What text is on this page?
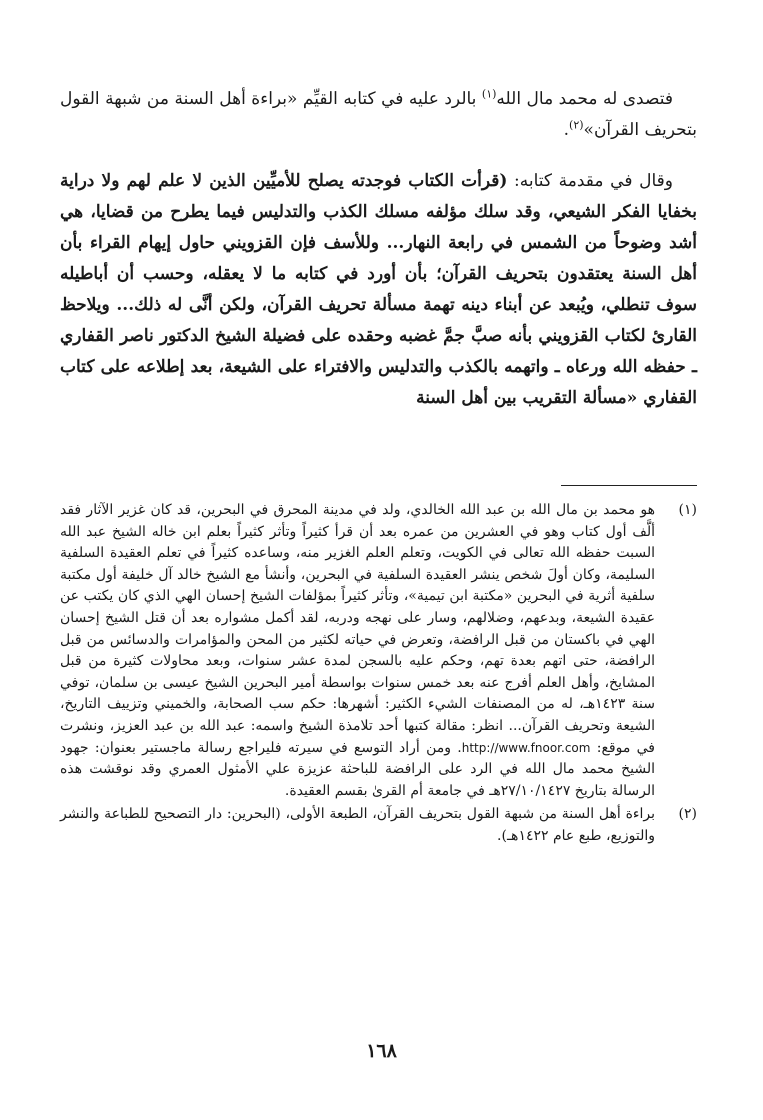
فتصدى له محمد مال الله$^{(١)}$ بالرد عليه في كتابه القيِّم «براءة أهل السنة من شبهة القول بتحريف القرآن»$^{(٢)}$.

وقال في مقدمة كتابه: (قرأت الكتاب فوجدته يصلح للأميِّين الذين لا علم لهم ولا دراية بخفايا الفكر الشيعي، وقد سلك مؤلفه مسلك الكذب والتدليس فيما يطرح من قضايا، هي أشد وضوحاً من الشمس في رابعة النهار... وللأسف فإن القزويني حاول إيهام القراء بأن أهل السنة يعتقدون بتحريف القرآن؛ بأن أورد في كتابه ما لا يعقله، وحسب أن أباطيله سوف تنطلي، ويُبعد عن أبناء دينه تهمة مسألة تحريف القرآن، ولكن أنَّى له ذلك... ويلاحظ القارئ لكتاب القزويني بأنه صبَّ جمَّ غضبه وحقده على فضيلة الشيخ الدكتور ناصر القفاري ـ حفظه الله ورعاه ـ واتهمه بالكذب والتدليس والافتراء على الشيعة، بعد إطلاعه على كتاب القفاري «مسألة التقريب بين أهل السنة

(١)
هو محمد بن مال الله بن عبد الله الخالدي، ولد في مدينة المحرق في البحرين، قد كان غزير الآثار فقد ألَّف أول كتاب وهو في العشرين من عمره بعد أن قرأ كثيراً وتأثر كثيراً بعلم ابن خاله الشيخ عبد الله السبت حفظه الله تعالى في الكويت، وتعلم العلم الغزير منه، وساعده كثيراً في تعلم العقيدة السلفية السليمة، وكان أولَ شخص ينشر العقيدة السلفية في البحرين، وأنشأ مع الشيخ خالد آل خليفة أول مكتبة سلفية أثرية في البحرين «مكتبة ابن تيمية»، وتأثر كثيراً بمؤلفات الشيخ إحسان الهي الذي كان يكتب عن عقيدة الشيعة، وبدعهم، وضلالهم، وسار على نهجه ودربه، لقد أكمل مشواره بعد أن قتل الشيخ إحسان الهي في باكستان من قبل الرافضة، وتعرض في حياته لكثير من المحن والمؤامرات والدسائس من قبل الرافضة، حتى اتهم بعدة تهم، وحكم عليه بالسجن لمدة عشر سنوات، وبعد محاولات كثيرة من قبل المشايخ، وأهل العلم أفرج عنه بعد خمس سنوات بواسطة أمير البحرين الشيخ عيسى بن سلمان، توفي سنة ١٤٢٣هـ، له من المصنفات الشيء الكثير: أشهرها: حكم سب الصحابة، والخميني وتزييف التاريخ، الشيعة وتحريف القرآن... انظر: مقالة كتبها أحد تلامذة الشيخ واسمه: عبد الله بن عبد العزيز، ونشرت في موقع: http://www.fnoor.com. ومن أراد التوسع في سيرته فليراجع رسالة ماجستير بعنوان: جهود الشيخ محمد مال الله في الرد على الرافضة للباحثة عزيزة علي الأمثول العمري وقد نوقشت هذه الرسالة بتاريخ ٢٧/١٠/١٤٢٧هـ في جامعة أم القرىٰ بقسم العقيدة.
(٢)
براءة أهل السنة من شبهة القول بتحريف القرآن، الطبعة الأولى، (البحرين: دار التصحيح للطباعة والنشر والتوزيع، طبع عام ١٤٢٢هـ).
١٦٨
